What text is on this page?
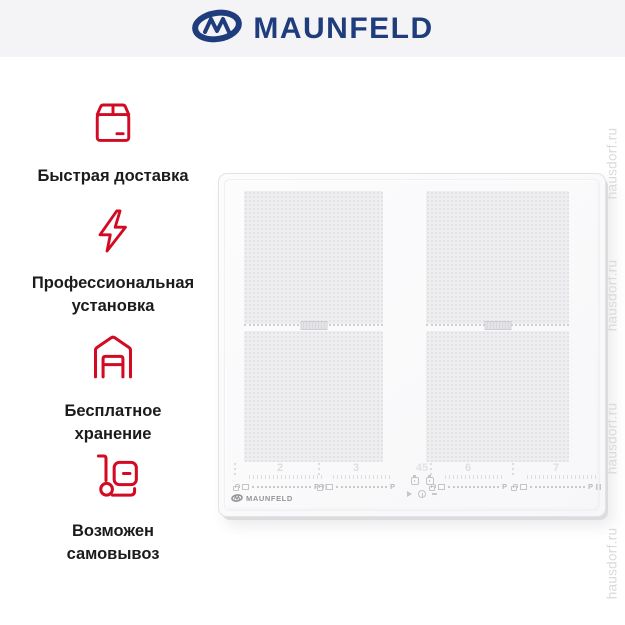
MAUNFELD
Быстрая доставка
Профессиональная установка
Бесплатное хранение
Возможен самовывоз
2
P
3
P
45	6
P
7
P
MAUNFELD
hausdorf.ru
hausdorf.ru
hausdorf.ru
hausdorf.ru
